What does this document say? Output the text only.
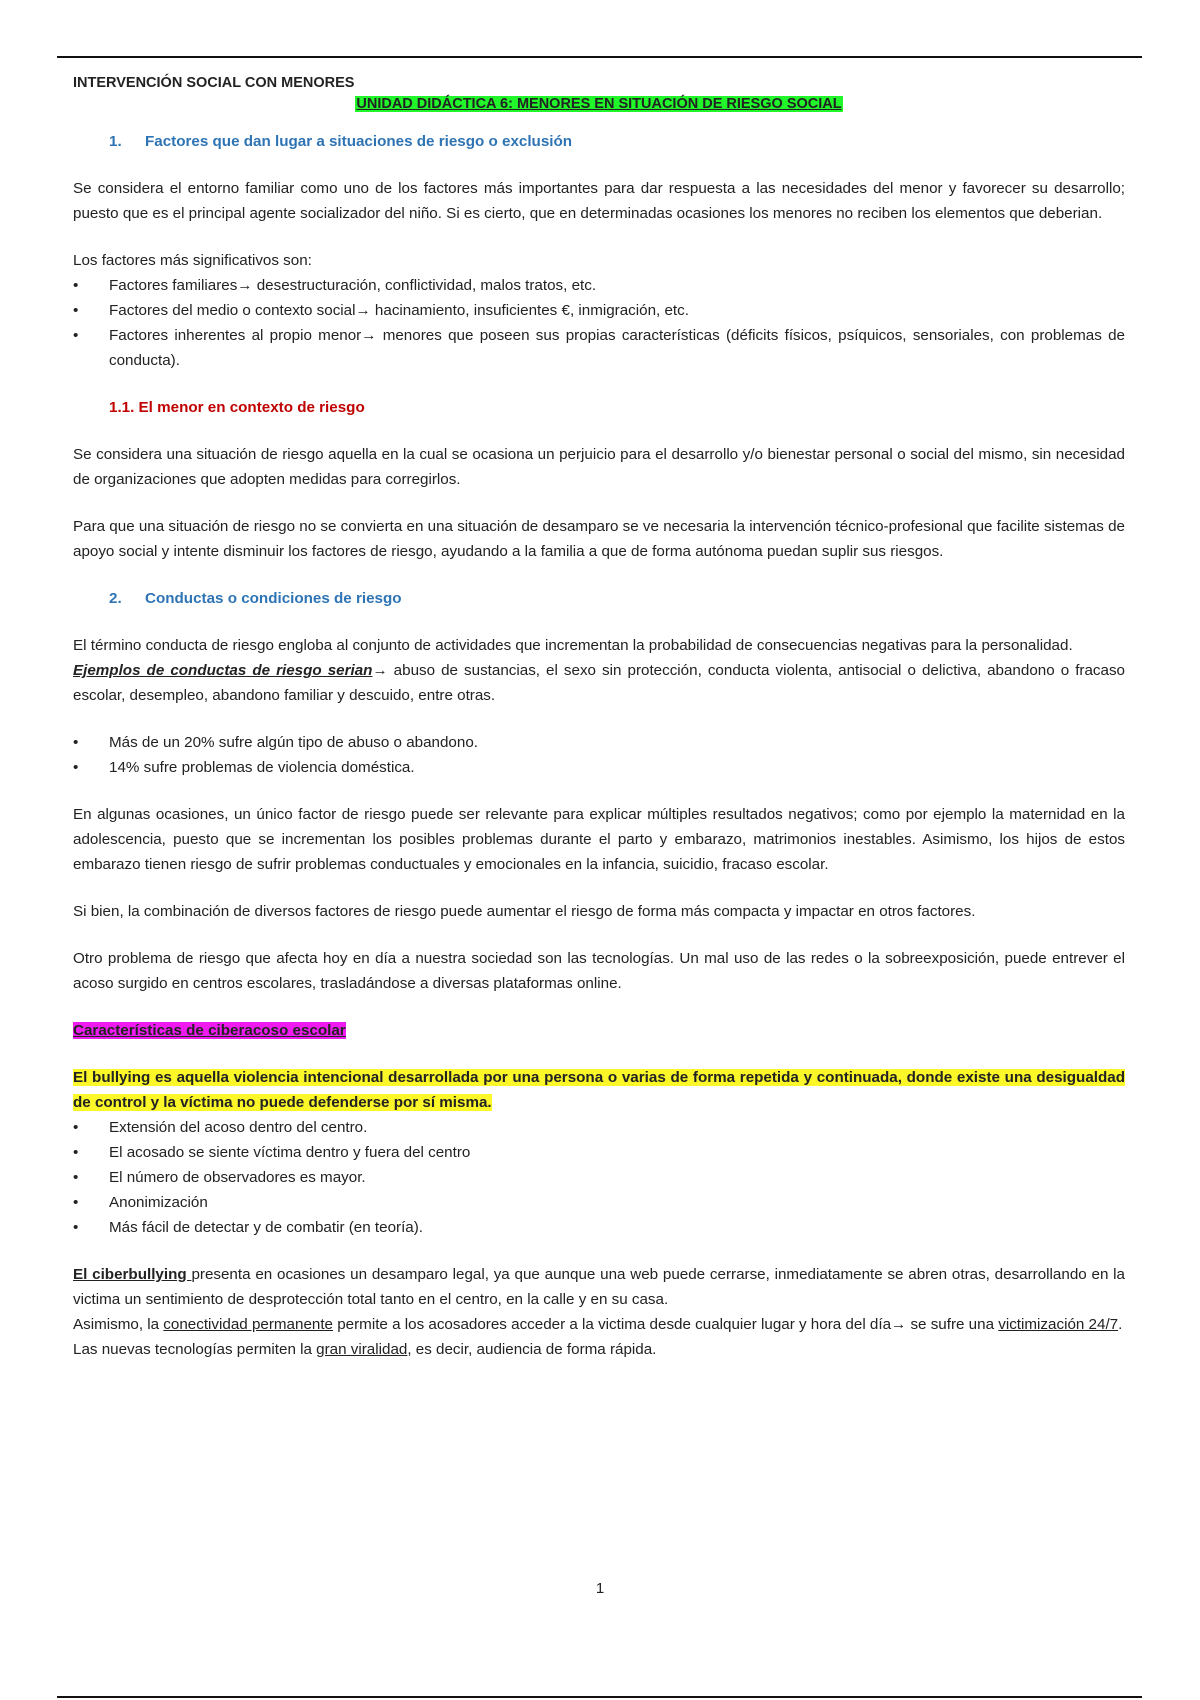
INTERVENCIÓN SOCIAL CON MENORES

UNIDAD DIDÁCTICA 6: MENORES EN SITUACIÓN DE RIESGO SOCIAL

1. Factores que dan lugar a situaciones de riesgo o exclusión

Se considera el entorno familiar como uno de los factores más importantes para dar respuesta a las necesidades del menor y favorecer su desarrollo; puesto que es el principal agente socializador del niño. Si es cierto, que en determinadas ocasiones los menores no reciben los elementos que deberian.

Los factores más significativos son:

• Factores familiares→ desestructuración, conflictividad, malos tratos, etc.
• Factores del medio o contexto social→ hacinamiento, insuficientes €, inmigración, etc.
• Factores inherentes al propio menor→ menores que poseen sus propias características (déficits físicos, psíquicos, sensoriales, con problemas de conducta).
1.1. El menor en contexto de riesgo

Se considera una situación de riesgo aquella en la cual se ocasiona un perjuicio para el desarrollo y/o bienestar personal o social del mismo, sin necesidad de organizaciones que adopten medidas para corregirlos.

Para que una situación de riesgo no se convierta en una situación de desamparo se ve necesaria la intervención técnico-profesional que facilite sistemas de apoyo social y intente disminuir los factores de riesgo, ayudando a la familia a que de forma autónoma puedan suplir sus riesgos.

2. Conductas o condiciones de riesgo

El término conducta de riesgo engloba al conjunto de actividades que incrementan la probabilidad de consecuencias negativas para la personalidad.

Ejemplos de conductas de riesgo serian→ abuso de sustancias, el sexo sin protección, conducta violenta, antisocial o delictiva, abandono o fracaso escolar, desempleo, abandono familiar y descuido, entre otras.

• Más de un 20% sufre algún tipo de abuso o abandono.
• 14% sufre problemas de violencia doméstica.

En algunas ocasiones, un único factor de riesgo puede ser relevante para explicar múltiples resultados negativos; como por ejemplo la maternidad en la adolescencia, puesto que se incrementan los posibles problemas durante el parto y embarazo, matrimonios inestables. Asimismo, los hijos de estos embarazo tienen riesgo de sufrir problemas conductuales y emocionales en la infancia, suicidio, fracaso escolar.

Si bien, la combinación de diversos factores de riesgo puede aumentar el riesgo de forma más compacta y impactar en otros factores.

Otro problema de riesgo que afecta hoy en día a nuestra sociedad son las tecnologías. Un mal uso de las redes o la sobreexposición, puede entrever el acoso surgido en centros escolares, trasladándose a diversas plataformas online.

Características de ciberacoso escolar

El bullying es aquella violencia intencional desarrollada por una persona o varias de forma repetida y continuada, donde existe una desigualdad de control y la víctima no puede defenderse por sí misma.

• Extensión del acoso dentro del centro.
• El acosado se siente víctima dentro y fuera del centro
• El número de observadores es mayor.
• Anonimización
• Más fácil de detectar y de combatir (en teoría).

El ciberbullying presenta en ocasiones un desamparo legal, ya que aunque una web puede cerrarse, inmediatamente se abren otras, desarrollando en la victima un sentimiento de desprotección total tanto en el centro, en la calle y en su casa.

Asimismo, la conectividad permanente permite a los acosadores acceder a la victima desde cualquier lugar y hora del día→ se sufre una victimización 24/7.

Las nuevas tecnologías permiten la gran viralidad, es decir, audiencia de forma rápida.

1
